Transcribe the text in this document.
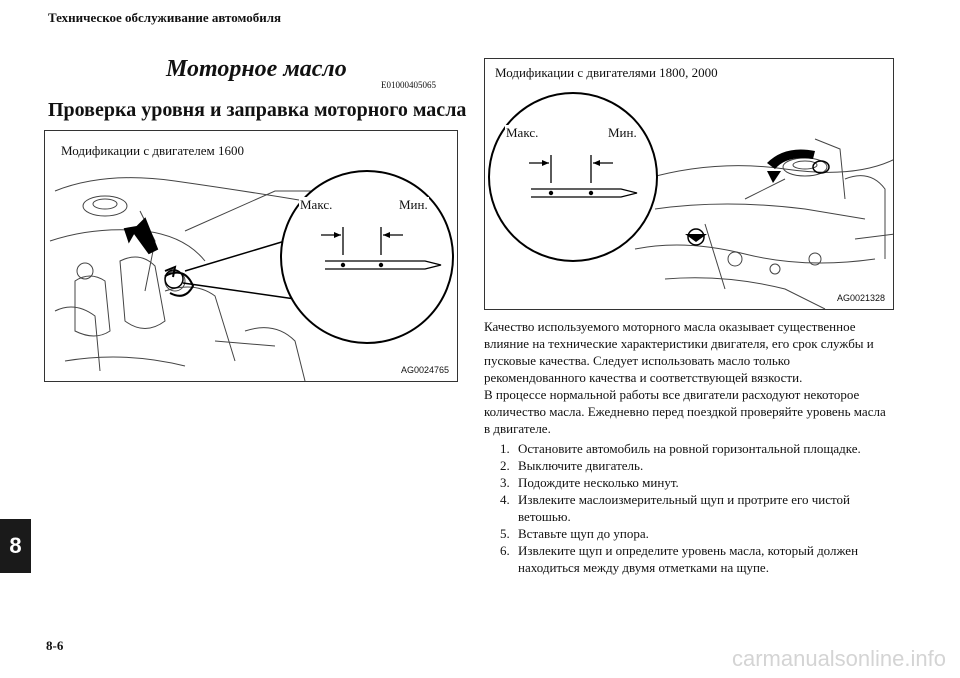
Техническое обслуживание автомобиля
Моторное масло
E01000405065
Проверка уровня и заправка моторного масла
Модификации с двигателем 1600
Макс.	Мин.
AG0024765
Модификации с двигателями 1800, 2000
Макс.	Мин.
AG0021328

Качество используемого моторного масла оказывает существенное влияние на технические характеристики двигателя, его срок службы и пусковые качества. Следует использовать масло только рекомендованного качества и соответствующей вязкости.

В процессе нормальной работы все двигатели расходуют некоторое количество масла. Ежедневно перед поездкой проверяйте уровень масла в двигателе.

1. Остановите автомобиль на ровной горизонтальной площадке.
2. Выключите двигатель.
3. Подождите несколько минут.
4. Извлеките маслоизмерительный щуп и протрите его чистой ветошью.
5. Вставьте щуп до упора.
6. Извлеките щуп и определите уровень масла, который должен находиться между двумя отметками на щупе.
8
8-6
carmanualsonline.info
